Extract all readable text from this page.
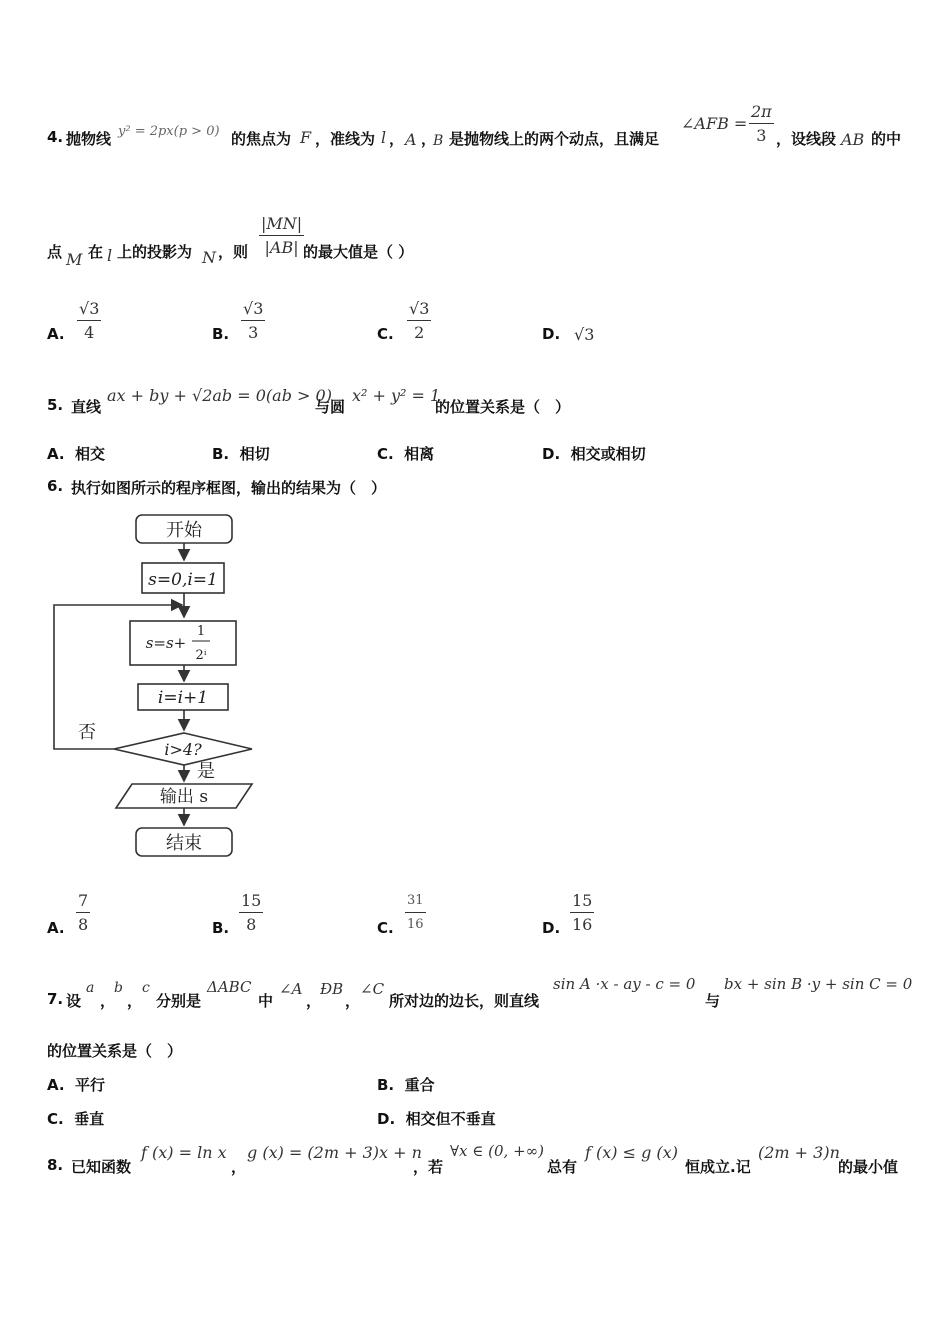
4. 抛物线 y² = 2px(p > 0) 的焦点为 F ，准线为 l ， A ，
B 是抛物线上的两个动点，且满足
∠AFB = $\frac{2\pi}{3}$ ，设线段 AB 的中
点 M 在 l 上的投影为 N ，则 $\frac{|MN|}{|AB|}$
的最大值是（ ）
A. $\frac{√3}{4}$	B. $\frac{√3}{3}$	C. $\frac{√3}{2}$	D. √3
5. 直线
ax + by + √2ab = 0(ab > 0)
与圆
x² + y² = 1
的位置关系是（　）
A. 相交	B. 相切	C. 相离	D. 相交或相切
6. 执行如图所示的程序框图，输出的结果为（　）
开始
s=0,i=1
s=s+
1
2ⁱ
i=i+1
i>4?
否
是
输出 s
结束
A. $\frac{7}{8}$	B. $\frac{15}{8}$	C. $\frac{31}{16}$	D. $\frac{15}{16}$
7. 设
a
，
b
，
c
分别是
ΔABC
中
∠A
，
ÐB
，
∠C
所对边的边长，则直线
sin A ·x - ay - c = 0
与
bx + sin B ·y + sin C = 0
的位置关系是（　）
A. 平行	B. 重合
C. 垂直	D. 相交但不垂直
8. 已知函数
f (x) = ln x
，
g (x) = (2m + 3)x + n
，若
∀x ∈ (0, +∞)
总有
f (x) ≤ g (x)
恒成立.记
(2m + 3)n
的最小值
